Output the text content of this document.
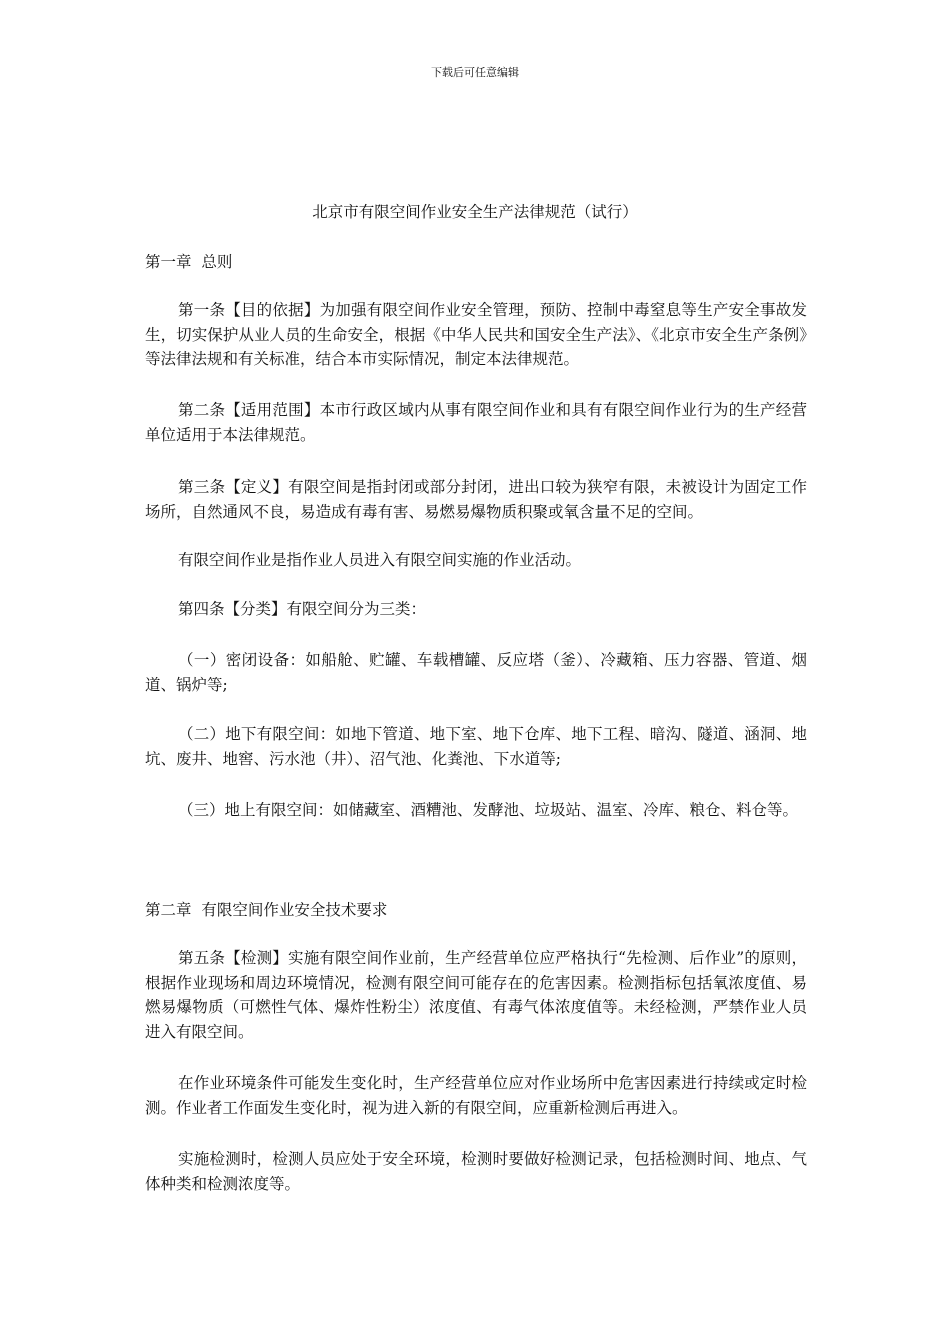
下载后可任意编辑
北京市有限空间作业安全生产法律规范（试行）
第一章  总则

第一条【目的依据】为加强有限空间作业安全管理，预防、控制中毒窒息等生产安全事故发生，切实保护从业人员的生命安全，根据《中华人民共和国安全生产法》、《北京市安全生产条例》等法律法规和有关标准，结合本市实际情况，制定本法律规范。

第二条【适用范围】本市行政区域内从事有限空间作业和具有有限空间作业行为的生产经营单位适用于本法律规范。

第三条【定义】有限空间是指封闭或部分封闭，进出口较为狭窄有限，未被设计为固定工作场所，自然通风不良，易造成有毒有害、易燃易爆物质积聚或氧含量不足的空间。

有限空间作业是指作业人员进入有限空间实施的作业活动。

第四条【分类】有限空间分为三类：

（一）密闭设备：如船舱、贮罐、车载槽罐、反应塔（釜）、冷藏箱、压力容器、管道、烟道、锅炉等;

（二）地下有限空间：如地下管道、地下室、地下仓库、地下工程、暗沟、隧道、涵洞、地坑、废井、地窖、污水池（井）、沼气池、化粪池、下水道等;

（三）地上有限空间：如储藏室、酒糟池、发酵池、垃圾站、温室、冷库、粮仓、料仓等。

第二章  有限空间作业安全技术要求

第五条【检测】实施有限空间作业前，生产经营单位应严格执行“先检测、后作业”的原则，根据作业现场和周边环境情况，检测有限空间可能存在的危害因素。检测指标包括氧浓度值、易燃易爆物质（可燃性气体、爆炸性粉尘）浓度值、有毒气体浓度值等。未经检测，严禁作业人员进入有限空间。

在作业环境条件可能发生变化时，生产经营单位应对作业场所中危害因素进行持续或定时检测。作业者工作面发生变化时，视为进入新的有限空间，应重新检测后再进入。

实施检测时，检测人员应处于安全环境，检测时要做好检测记录，包括检测时间、地点、气体种类和检测浓度等。
